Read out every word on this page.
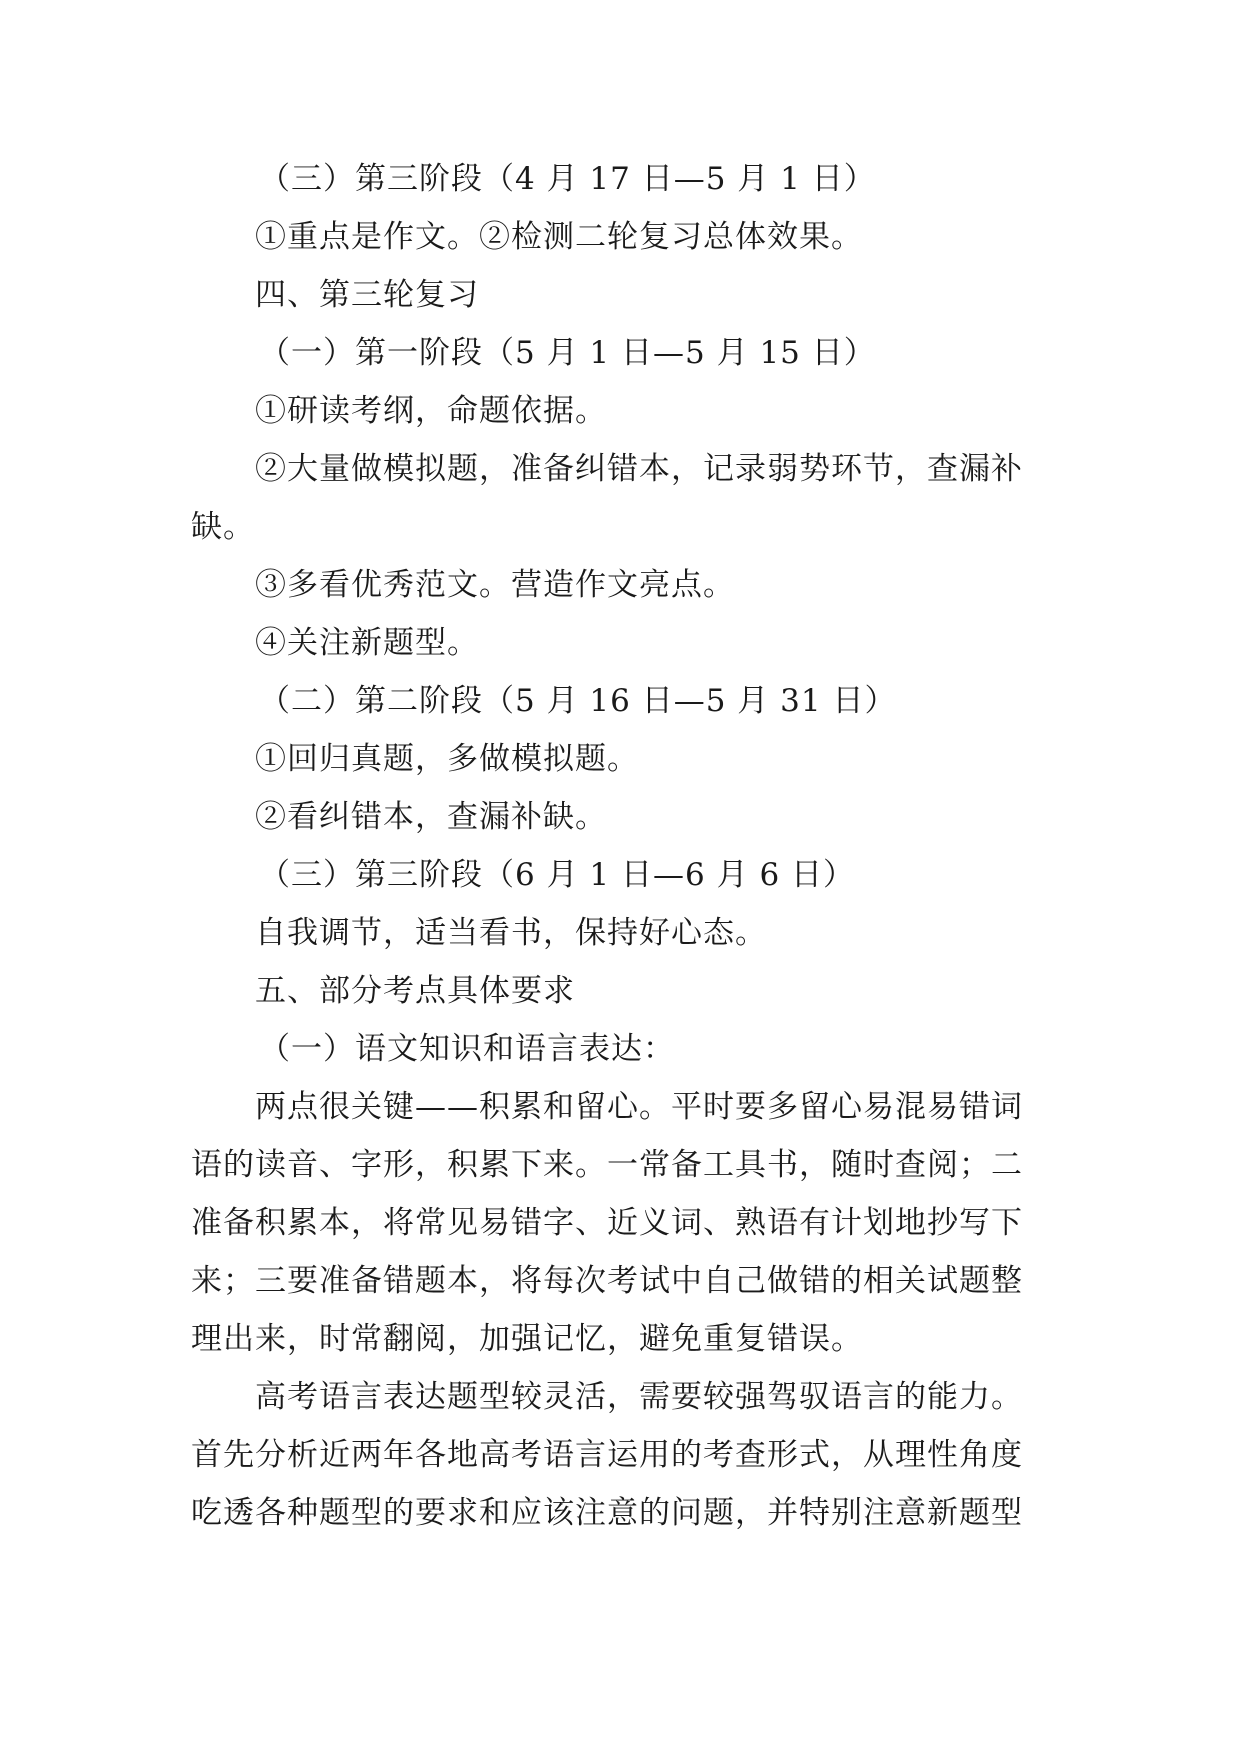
（三）第三阶段（4 月 17 日—5 月 1 日）

①重点是作文。②检测二轮复习总体效果。

四、第三轮复习

（一）第一阶段（5 月 1 日—5 月 15 日）

①研读考纲，命题依据。

②大量做模拟题，准备纠错本，记录弱势环节，查漏补

缺。

③多看优秀范文。营造作文亮点。

④关注新题型。

（二）第二阶段（5 月 16 日—5 月 31 日）

①回归真题，多做模拟题。

②看纠错本，查漏补缺。

（三）第三阶段（6 月 1 日—6 月 6 日）

自我调节，适当看书，保持好心态。

五、部分考点具体要求

（一）语文知识和语言表达：

两点很关键——积累和留心。平时要多留心易混易错词

语的读音、字形，积累下来。一常备工具书，随时查阅；二

准备积累本，将常见易错字、近义词、熟语有计划地抄写下

来；三要准备错题本，将每次考试中自己做错的相关试题整

理出来，时常翻阅，加强记忆，避免重复错误。

高考语言表达题型较灵活，需要较强驾驭语言的能力。

首先分析近两年各地高考语言运用的考查形式，从理性角度

吃透各种题型的要求和应该注意的问题，并特别注意新题型
